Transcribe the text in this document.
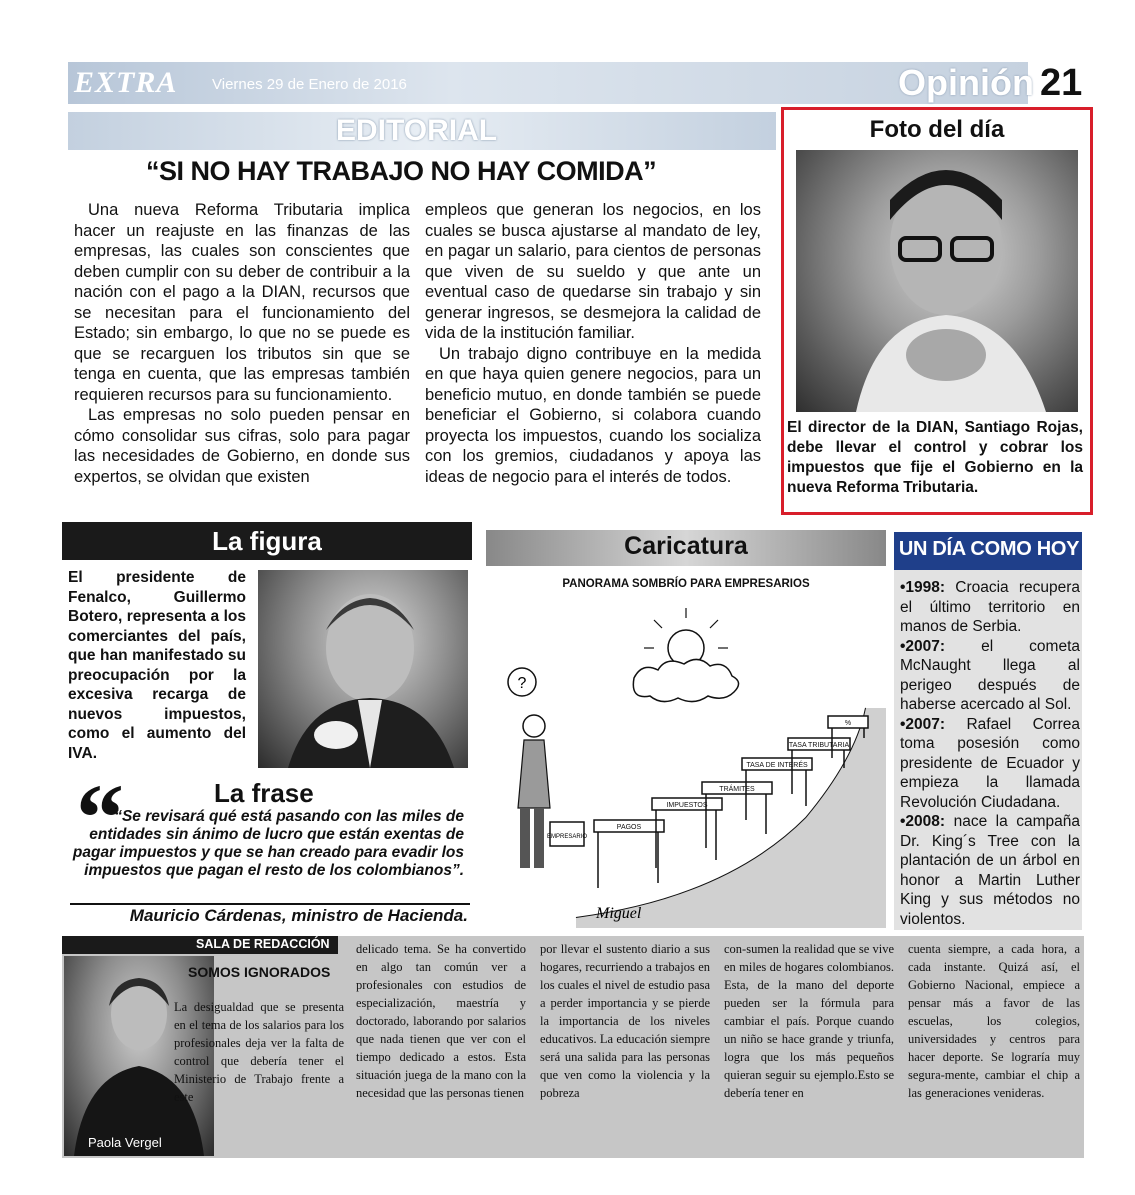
EXTRA Viernes 29 de Enero de 2016	Opinión 21
EDITORIAL
“SI NO HAY TRABAJO NO HAY COMIDA”

Una nueva Reforma Tributaria implica hacer un reajuste en las finanzas de las empresas, las cuales son conscientes que deben cumplir con su deber de contribuir a la nación con el pago a la DIAN, recursos que se necesitan para el funcionamiento del Estado; sin embargo, lo que no se puede es que se recarguen los tributos sin que se tenga en cuenta, que las empresas también requieren recursos para su funcionamiento.

Las empresas no solo pueden pensar en cómo consolidar sus cifras, solo para pagar las necesidades de Gobierno, en donde sus expertos, se olvidan que existen

empleos que generan los negocios, en los cuales se busca ajustarse al mandato de ley, en pagar un salario, para cientos de personas que viven de su sueldo y que ante un eventual caso de quedarse sin trabajo y sin generar ingresos, se desmejora la calidad de vida de la institución familiar.

Un trabajo digno contribuye en la medida en que haya quien genere negocios, para un beneficio mutuo, en donde también se puede beneficiar el Gobierno, si colabora cuando proyecta los impuestos, cuando los socializa con los gremios, ciudadanos y apoya las ideas de negocio para el interés de todos.

Foto del día
El director de la DIAN, Santiago Rojas, debe llevar el control y cobrar los impuestos que fije el Gobierno en la nueva Reforma Tributaria.
La figura
El presidente de Fenalco, Guillermo Botero, representa a los comerciantes del país, que han manifestado su preocupación por la excesiva recarga de nuevos impuestos, como el aumento del IVA.
“	La frase
“Se revisará qué está pasando con las miles de entidades sin ánimo de lucro que están exentas de pagar impuestos y que se han creado para evadir los impuestos que pagan el resto de los colombianos”.
Mauricio Cárdenas, ministro de Hacienda.
Caricatura
PANORAMA SOMBRÍO PARA EMPRESARIOS
EMPRESARIO
?
PAGOS
IMPUESTOS
TRÁMITES
TASA DE INTERÉS
TASA TRIBUTARIA
%
Miguel
UN DÍA COMO HOY

•1998: Croacia recupera el último territorio en manos de Serbia.

•2007: el cometa McNaught llega al perigeo después de haberse acercado al Sol.

•2007: Rafael Correa toma posesión como presidente de Ecuador y empieza la llamada Revolución Ciudadana.

•2008: nace la campaña Dr. King´s Tree con la plantación de un árbol en honor a Martin Luther King y sus métodos no violentos.

SALA DE REDACCIÓN
Paola Vergel
SOMOS IGNORADOS

La desigualdad que se presenta en el tema de los salarios para los profesionales deja ver la falta de control que debería tener el Ministerio de Trabajo frente a este

delicado tema. Se ha convertido en algo tan común ver a profesionales con estudios de especialización, maestría y doctorado, laborando por salarios que nada tienen que ver con el tiempo dedicado a estos. Esta situación juega de la mano con la necesidad que las personas tienen

por llevar el sustento diario a sus hogares, recurriendo a trabajos en los cuales el nivel de estudio pasa a perder importancia y se pierde la importancia de los niveles educativos. La educación siempre será una salida para las personas que ven como la violencia y la pobreza

con-sumen la realidad que se vive en miles de hogares colombianos. Esta, de la mano del deporte pueden ser la fórmula para cambiar el país. Porque cuando un niño se hace grande y triunfa, logra que los más pequeños quieran seguir su ejemplo.Esto se debería tener en

cuenta siempre, a cada hora, a cada instante. Quizá así, el Gobierno Nacional, empiece a pensar más a favor de las escuelas, los colegios, universidades y centros para hacer deporte. Se lograría muy segura-mente, cambiar el chip a las generaciones venideras.
